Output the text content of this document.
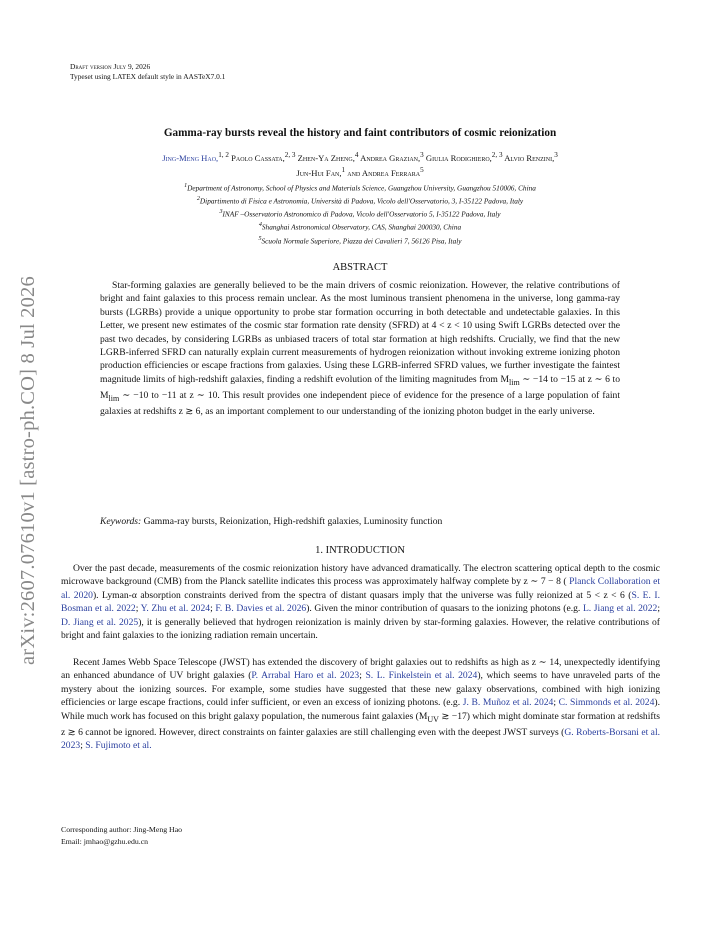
Draft version July 9, 2026
Typeset using LATEX default style in AASTeX7.0.1
arXiv:2607.07610v1 [astro-ph.CO] 8 Jul 2026
Gamma-ray bursts reveal the history and faint contributors of cosmic reionization
Jing-Meng Hao,$^{1, 2}$ Paolo Cassata,$^{2, 3}$ Zhen-Ya Zheng,$^4$ Andrea Grazian,$^3$ Giulia Rodighiero,$^{2, 3}$ Alvio Renzini,$^3$
Jun-Hui Fan,$^1$ and Andrea Ferrara$^5$
$^1$Department of Astronomy, School of Physics and Materials Science, Guangzhou University, Guangzhou 510006, China
$^2$Dipartimento di Fisica e Astronomia, Università di Padova, Vicolo dell'Osservatorio, 3, I-35122 Padova, Italy
$^3$INAF –Osservatorio Astronomico di Padova, Vicolo dell'Osservatorio 5, I-35122 Padova, Italy
$^4$Shanghai Astronomical Observatory, CAS, Shanghai 200030, China
$^5$Scuola Normale Superiore, Piazza dei Cavalieri 7, 56126 Pisa, Italy
ABSTRACT
Star-forming galaxies are generally believed to be the main drivers of cosmic reionization. However, the relative contributions of bright and faint galaxies to this process remain unclear. As the most luminous transient phenomena in the universe, long gamma-ray bursts (LGRBs) provide a unique opportunity to probe star formation occurring in both detectable and undetectable galaxies. In this Letter, we present new estimates of the cosmic star formation rate density (SFRD) at 4 < z < 10 using Swift LGRBs detected over the past two decades, by considering LGRBs as unbiased tracers of total star formation at high redshifts. Crucially, we find that the new LGRB-inferred SFRD can naturally explain current measurements of hydrogen reionization without invoking extreme ionizing photon production efficiencies or escape fractions from galaxies. Using these LGRB-inferred SFRD values, we further investigate the faintest magnitude limits of high-redshift galaxies, finding a redshift evolution of the limiting magnitudes from $M_{lim}$ ∼ −14 to −15 at z ∼ 6 to $M_{lim}$ ∼ −10 to −11 at z ∼ 10. This result provides one independent piece of evidence for the presence of a large population of faint galaxies at redshifts z ≳ 6, as an important complement to our understanding of the ionizing photon budget in the early universe.
Keywords: Gamma-ray bursts, Reionization, High-redshift galaxies, Luminosity function
1. INTRODUCTION

Over the past decade, measurements of the cosmic reionization history have advanced dramatically. The electron scattering optical depth to the cosmic microwave background (CMB) from the Planck satellite indicates this process was approximately halfway complete by z ∼ 7 − 8 ( Planck Collaboration et al. 2020). Lyman-α absorption constraints derived from the spectra of distant quasars imply that the universe was fully reionized at 5 < z < 6 (S. E. I. Bosman et al. 2022; Y. Zhu et al. 2024; F. B. Davies et al. 2026). Given the minor contribution of quasars to the ionizing photons (e.g. L. Jiang et al. 2022; D. Jiang et al. 2025), it is generally believed that hydrogen reionization is mainly driven by star-forming galaxies. However, the relative contributions of bright and faint galaxies to the ionizing radiation remain uncertain.

Recent James Webb Space Telescope (JWST) has extended the discovery of bright galaxies out to redshifts as high as z ∼ 14, unexpectedly identifying an enhanced abundance of UV bright galaxies (P. Arrabal Haro et al. 2023; S. L. Finkelstein et al. 2024), which seems to have unraveled parts of the mystery about the ionizing sources. For example, some studies have suggested that these new galaxy observations, combined with high ionizing efficiencies or large escape fractions, could infer sufficient, or even an excess of ionizing photons. (e.g. J. B. Muñoz et al. 2024; C. Simmonds et al. 2024). While much work has focused on this bright galaxy population, the numerous faint galaxies ($M_{UV}$ ≳ −17) which might dominate star formation at redshifts z ≳ 6 cannot be ignored. However, direct constraints on fainter galaxies are still challenging even with the deepest JWST surveys (G. Roberts-Borsani et al. 2023; S. Fujimoto et al.

Corresponding author: Jing-Meng Hao
Email: jmhao@gzhu.edu.cn
